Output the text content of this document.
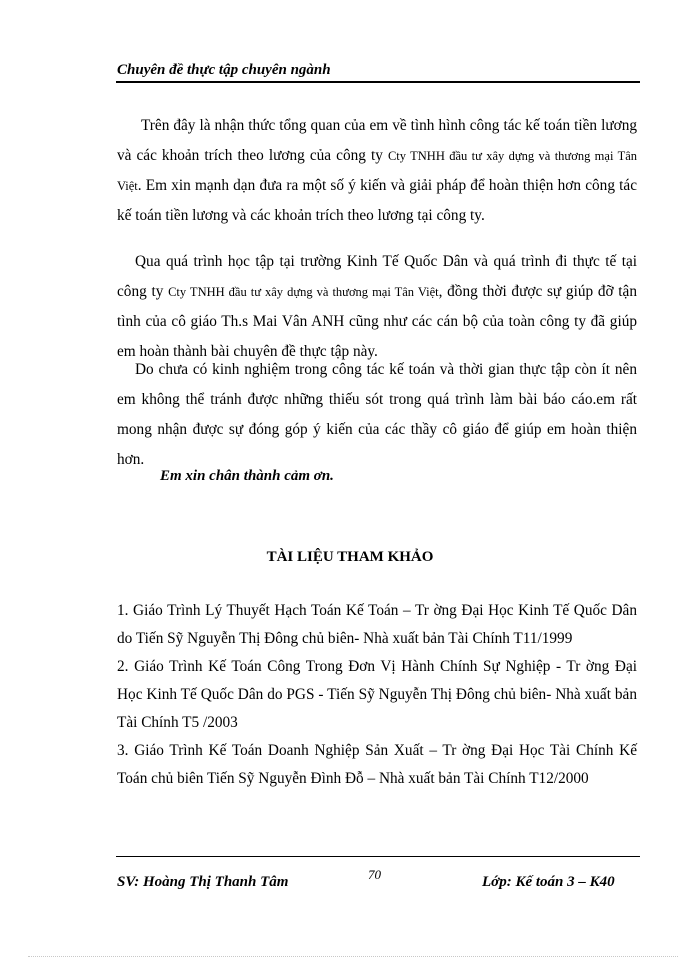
Chuyên đề thực tập chuyên ngành

Trên đây là nhận thức tổng quan của em về tình hình công tác kế toán tiền lương và các khoản trích theo lương của công ty Cty TNHH đầu tư xây dựng và thương mại Tân Việt. Em xin mạnh dạn đưa ra một số ý kiến và giải pháp để hoàn thiện hơn công tác kế toán tiền lương và các khoản trích theo lương tại công ty.

Qua quá trình học tập tại trường Kinh Tế Quốc Dân và quá trình đi thực tế tại công ty Cty TNHH đầu tư xây dựng và thương mại Tân Việt, đồng thời được sự giúp đỡ tận tình của cô giáo Th.s Mai Vân ANH cũng như các cán bộ của toàn công ty đã giúp em hoàn thành bài chuyên đề thực tập này.

Do chưa có kinh nghiệm trong công tác kế toán và thời gian thực tập còn ít nên em không thể tránh được những thiếu sót trong quá trình làm bài báo cáo.em rất mong nhận được sự đóng góp ý kiến của các thầy cô giáo để giúp em hoàn thiện hơn.

Em xin chân thành cảm ơn.
TÀI LIỆU THAM KHẢO
1. Giáo Trình Lý Thuyết Hạch Toán Kế Toán – Tr ờng Đại Học Kinh Tế Quốc Dân do Tiến Sỹ Nguyễn Thị Đông chủ biên- Nhà xuất bản Tài Chính T11/1999
2. Giáo Trình Kế Toán Công Trong Đơn Vị Hành Chính Sự Nghiệp - Tr ờng Đại Học Kinh Tế Quốc Dân do PGS - Tiến Sỹ Nguyễn Thị Đông chủ biên- Nhà xuất bản Tài Chính T5 /2003
3. Giáo Trình Kế Toán Doanh Nghiệp Sản Xuất – Tr ờng Đại Học Tài Chính Kế Toán chủ biên Tiến Sỹ Nguyễn Đình Đỗ – Nhà xuất bản Tài Chính T12/2000
SV: Hoàng Thị Thanh Tâm	70	Lớp: Kế toán 3 – K40
